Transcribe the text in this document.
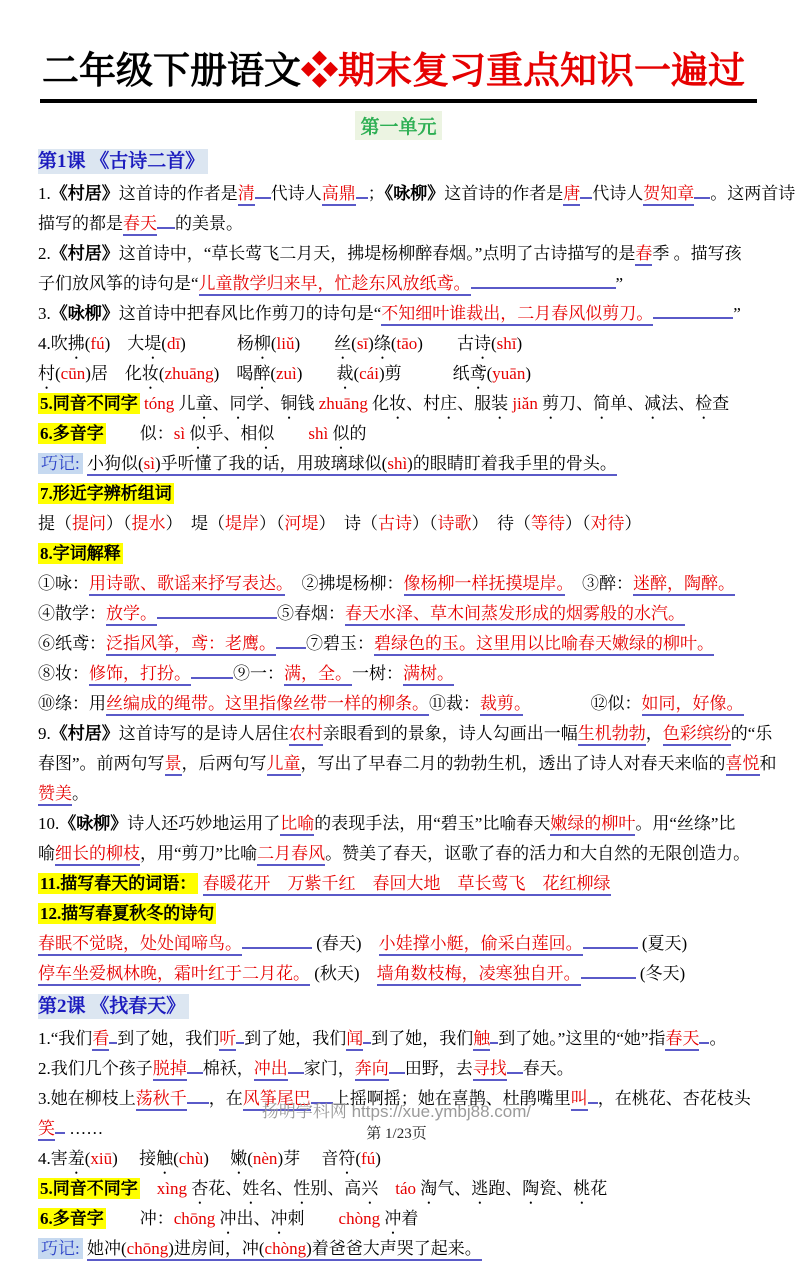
二年级下册语文❖期末复习重点知识一遍过
第一单元
第1课 《古诗二首》
1.《村居》这首诗的作者是清 代诗人高鼎 ；《咏柳》这首诗的作者是唐 代诗人贺知章 。这两首诗
描写的都是春天 的美景。
2.《村居》这首诗中，“草长莺飞二月天，拂堤杨柳醉春烟。”点明了古诗描写的是春季 。描写孩
子们放风筝的诗句是“儿童散学归来早，忙趁东风放纸鸢。	”
3.《咏柳》这首诗中把春风比作剪刀的诗句是“不知细叶谁裁出，二月春风似剪刀。	”
4.吹拂(fú)　大堤(dī)　　　杨柳(liǔ)　　丝(sī)绦(tāo)　　古诗(shī)
村(cūn)居　化妆(zhuāng)　喝醉(zuì)　　裁(cái)剪　　　纸鸢(yuān)
5.同音不同字 tóng 儿童、同学、铜钱 zhuāng 化妆、村庄、服装 jiǎn 剪刀、简单、减法、检查
6.多音字　　似：sì 似乎、相似　　 shì 似的
巧记: 小狗似(sì)乎听懂了我的话，用玻璃球似(shì)的眼睛盯着我手里的骨头。
7.形近字辨析组词
提（提问）（提水）　堤（堤岸）（河堤）　诗（古诗）（诗歌）　待（等待）（对待）
8.字词解释
①咏：用诗歌、歌谣来抒写表达。　②拂堤杨柳：像杨柳一样抚摸堤岸。　③醉：迷醉，陶醉。
④散学：放学。	⑤春烟：春天水泽、草木间蒸发形成的烟雾般的水汽。
⑥纸鸢：泛指风筝，鸢：老鹰。 ⑦碧玉：碧绿色的玉。这里用以比喻春天嫩绿的柳叶。
⑧妆：修饰，打扮。 ⑨一：满，全。一树：满树。
⑩绦：用丝编成的绳带。这里指像丝带一样的柳条。⑪裁：裁剪。　　　　⑫似：如同，好像。
9.《村居》这首诗写的是诗人居住农村亲眼看到的景象，诗人勾画出一幅生机勃勃，色彩缤纷的“乐
春图”。前两句写景，后两句写儿童，写出了早春二月的勃勃生机，透出了诗人对春天来临的喜悦和
赞美。
10.《咏柳》诗人还巧妙地运用了比喻的表现手法，用“碧玉”比喻春天嫩绿的柳叶。用“丝绦”比
喻细长的柳枝，用“剪刀”比喻二月春风。赞美了春天，讴歌了春的活力和大自然的无限创造力。
11.描写春天的词语： 春暖花开　万紫千红　春回大地　草长莺飞　花红柳绿
12.描写春夏秋冬的诗句
春眠不觉晓，处处闻啼鸟。	(春天)　小娃撑小艇，偷采白莲回。	(夏天)
停车坐爱枫林晚，霜叶红于二月花。 (秋天)　墙角数枝梅，凌寒独自开。	(冬天)
第2课 《找春天》
1.“我们看 到了她，我们听 到了她，我们闻 到了她，我们触 到了她。”这里的“她”指春天 。
2.我们几个孩子脱掉 棉袄，冲出 家门，奔向 田野，去寻找 春天。
3.她在柳枝上荡秋千 ，在风筝尾巴 上摇啊摇；她在喜鹊、杜鹃嘴里叫 ，在桃花、杏花枝头
笑 ……
4.害羞(xiū)　 接触(chù)　 嫩(nèn)芽　 音符(fú)
5.同音不同字　 xìng 杏花、姓名、性别、高兴　 táo 淘气、逃跑、陶瓷、桃花
6.多音字　　冲：chōng 冲出、冲刺　　chòng 冲着
巧记: 她冲(chōng)进房间，冲(chòng)着爸爸大声哭了起来。
扬明学科网 https://xue.ymbj88.com/
第 1/23页
